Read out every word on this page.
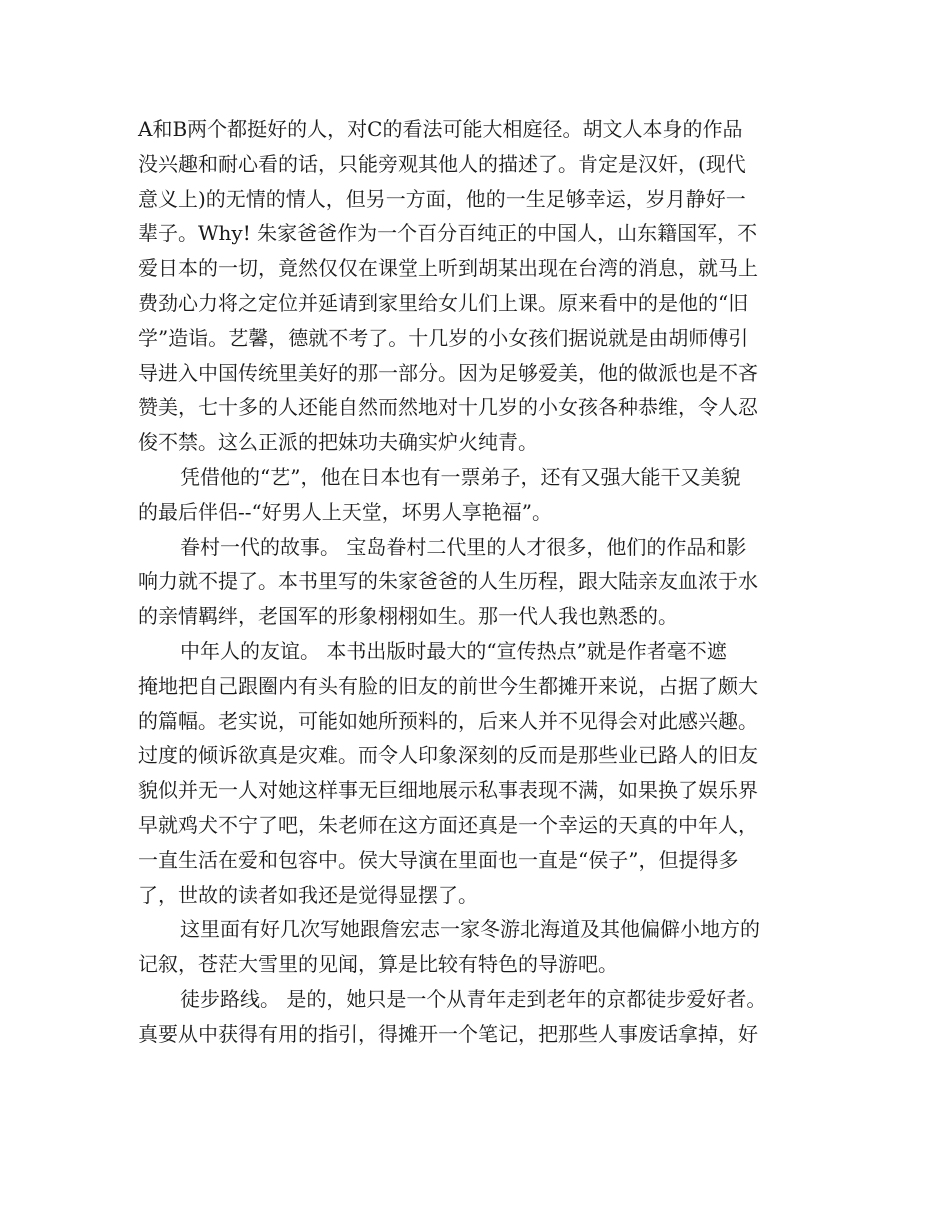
A和B两个都挺好的人，对C的看法可能大相庭径。胡文人本身的作品
没兴趣和耐心看的话，只能旁观其他人的描述了。肯定是汉奸，(现代
意义上)的无情的情人，但另一方面，他的一生足够幸运，岁月静好一
辈子。Why! 朱家爸爸作为一个百分百纯正的中国人，山东籍国军，不
爱日本的一切，竟然仅仅在课堂上听到胡某出现在台湾的消息，就马上
费劲心力将之定位并延请到家里给女儿们上课。原来看中的是他的“旧
学”造诣。艺馨，德就不考了。十几岁的小女孩们据说就是由胡师傅引
导进入中国传统里美好的那一部分。因为足够爱美，他的做派也是不吝
赞美，七十多的人还能自然而然地对十几岁的小女孩各种恭维，令人忍
俊不禁。这么正派的把妹功夫确实炉火纯青。
凭借他的“艺”，他在日本也有一票弟子，还有又强大能干又美貌
的最后伴侣--“好男人上天堂，坏男人享艳福”。
眷村一代的故事。 宝岛眷村二代里的人才很多，他们的作品和影
响力就不提了。本书里写的朱家爸爸的人生历程，跟大陆亲友血浓于水
的亲情羁绊，老国军的形象栩栩如生。那一代人我也熟悉的。
中年人的友谊。 本书出版时最大的“宣传热点”就是作者毫不遮
掩地把自己跟圈内有头有脸的旧友的前世今生都摊开来说，占据了颇大
的篇幅。老实说，可能如她所预料的，后来人并不见得会对此感兴趣。
过度的倾诉欲真是灾难。而令人印象深刻的反而是那些业已路人的旧友
貌似并无一人对她这样事无巨细地展示私事表现不满，如果换了娱乐界
早就鸡犬不宁了吧，朱老师在这方面还真是一个幸运的天真的中年人，
一直生活在爱和包容中。侯大导演在里面也一直是“侯子”，但提得多
了，世故的读者如我还是觉得显摆了。
这里面有好几次写她跟詹宏志一家冬游北海道及其他偏僻小地方的
记叙，苍茫大雪里的见闻，算是比较有特色的导游吧。
徒步路线。 是的，她只是一个从青年走到老年的京都徒步爱好者。
真要从中获得有用的指引，得摊开一个笔记，把那些人事废话拿掉，好
